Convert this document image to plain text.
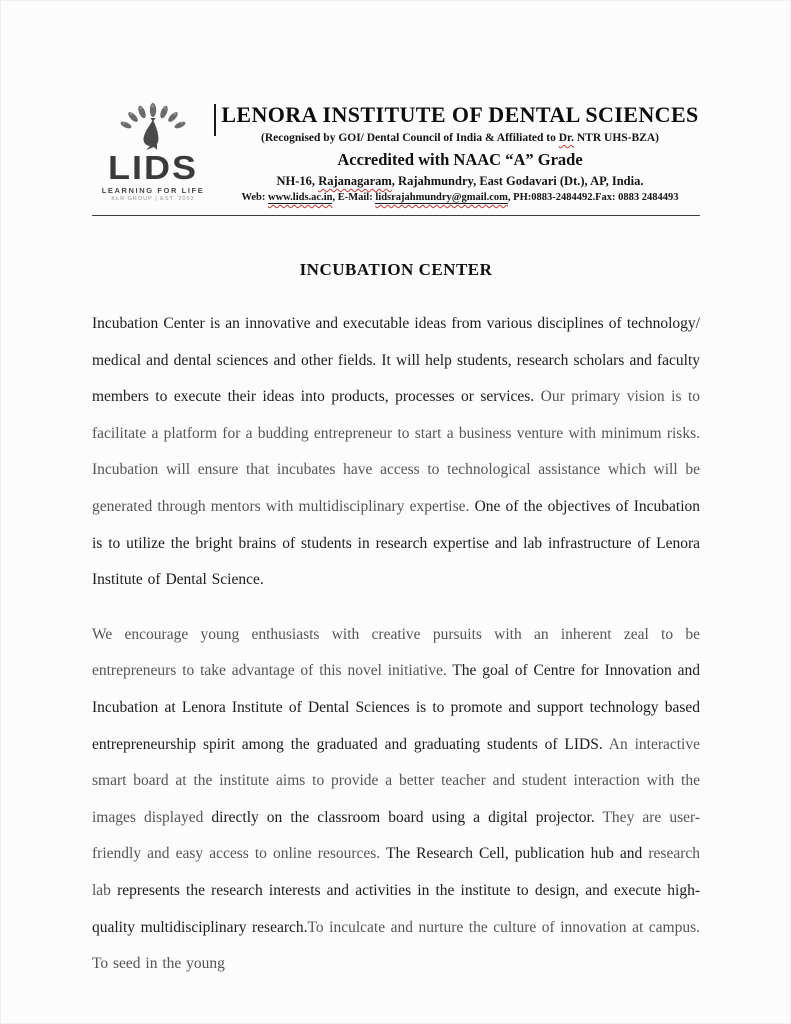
LIDS
LEARNING FOR LIFE
KLR GROUP | EST. 2002
LENORA INSTITUTE OF DENTAL SCIENCES
(Recognised by GOI/ Dental Council of India & Affiliated to Dr. NTR UHS-BZA)
Accredited with NAAC “A” Grade
NH-16, Rajanagaram, Rajahmundry, East Godavari (Dt.), AP, India.
Web: www.lids.ac.in, E-Mail: lidsrajahmundry@gmail.com, PH:0883-2484492.Fax: 0883 2484493
INCUBATION CENTER

Incubation Center is an innovative and executable ideas from various disciplines of technology/ medical and dental sciences and other fields. It will help students, research scholars and faculty members to execute their ideas into products, processes or services. Our primary vision is to facilitate a platform for a budding entrepreneur to start a business venture with minimum risks. Incubation will ensure that incubates have access to technological assistance which will be generated through mentors with multidisciplinary expertise. One of the objectives of Incubation is to utilize the bright brains of students in research expertise and lab infrastructure of Lenora Institute of Dental Science.

We encourage young enthusiasts with creative pursuits with an inherent zeal to be entrepreneurs to take advantage of this novel initiative. The goal of Centre for Innovation and Incubation at Lenora Institute of Dental Sciences is to promote and support technology based entrepreneurship spirit among the graduated and graduating students of LIDS. An interactive smart board at the institute aims to provide a better teacher and student interaction with the images displayed directly on the classroom board using a digital projector. They are user-friendly and easy access to online resources. The Research Cell, publication hub and research lab represents the research interests and activities in the institute to design, and execute high-quality multidisciplinary research.To inculcate and nurture the culture of innovation at campus. To seed in the young
